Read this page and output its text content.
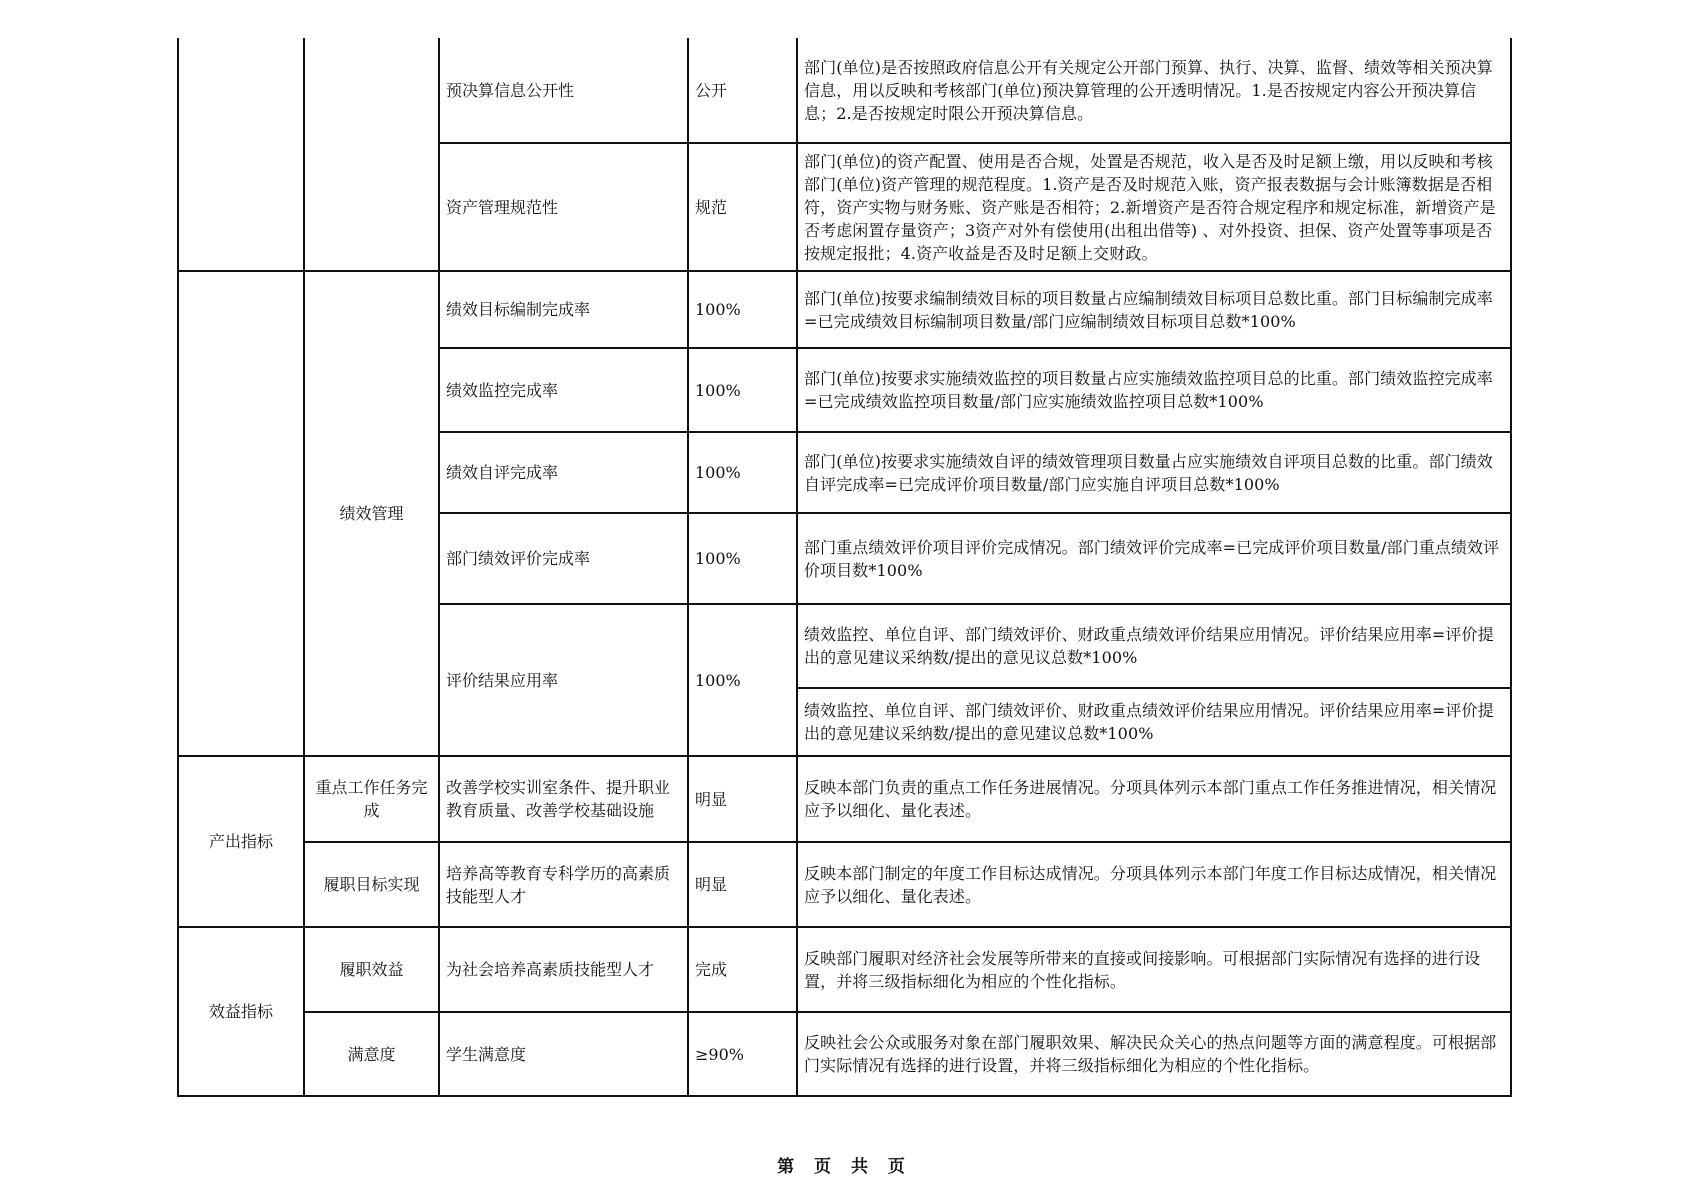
		预决算信息公开性	公开	部门(单位)是否按照政府信息公开有关规定公开部门预算、执行、决算、监督、绩效等相关预决算信息，用以反映和考核部门(单位)预决算管理的公开透明情况。1.是否按规定内容公开预决算信息；2.是否按规定时限公开预决算信息。
		资产管理规范性	规范	部门(单位)的资产配置、使用是否合规，处置是否规范，收入是否及时足额上缴，用以反映和考核部门(单位)资产管理的规范程度。1.资产是否及时规范入账，资产报表数据与会计账簿数据是否相符，资产实物与财务账、资产账是否相符；2.新增资产是否符合规定程序和规定标准，新增资产是否考虑闲置存量资产；3资产对外有偿使用(出租出借等) 、对外投资、担保、资产处置等事项是否按规定报批；4.资产收益是否及时足额上交财政。
	绩效管理	绩效目标编制完成率	100%	部门(单位)按要求编制绩效目标的项目数量占应编制绩效目标项目总数比重。部门目标编制完成率=已完成绩效目标编制项目数量/部门应编制绩效目标项目总数*100%
		绩效监控完成率	100%	部门(单位)按要求实施绩效监控的项目数量占应实施绩效监控项目总的比重。部门绩效监控完成率=已完成绩效监控项目数量/部门应实施绩效监控项目总数*100%
		绩效自评完成率	100%	部门(单位)按要求实施绩效自评的绩效管理项目数量占应实施绩效自评项目总数的比重。部门绩效自评完成率=已完成评价项目数量/部门应实施自评项目总数*100%
		部门绩效评价完成率	100%	部门重点绩效评价项目评价完成情况。部门绩效评价完成率=已完成评价项目数量/部门重点绩效评价项目数*100%
		评价结果应用率	100%	绩效监控、单位自评、部门绩效评价、财政重点绩效评价结果应用情况。评价结果应用率=评价提出的意见建议采纳数/提出的意见议总数*100%
				绩效监控、单位自评、部门绩效评价、财政重点绩效评价结果应用情况。评价结果应用率=评价提出的意见建议采纳数/提出的意见建议总数*100%
产出指标	重点工作任务完成	改善学校实训室条件、提升职业教育质量、改善学校基础设施	明显	反映本部门负责的重点工作任务进展情况。分项具体列示本部门重点工作任务推进情况，相关情况应予以细化、量化表述。
	履职目标实现	培养高等教育专科学历的高素质技能型人才	明显	反映本部门制定的年度工作目标达成情况。分项具体列示本部门年度工作目标达成情况，相关情况应予以细化、量化表述。
效益指标	履职效益	为社会培养高素质技能型人才	完成	反映部门履职对经济社会发展等所带来的直接或间接影响。可根据部门实际情况有选择的进行设置，并将三级指标细化为相应的个性化指标。
	满意度	学生满意度	≥90%	反映社会公众或服务对象在部门履职效果、解决民众关心的热点问题等方面的满意程度。可根据部门实际情况有选择的进行设置，并将三级指标细化为相应的个性化指标。
第 页 共 页
